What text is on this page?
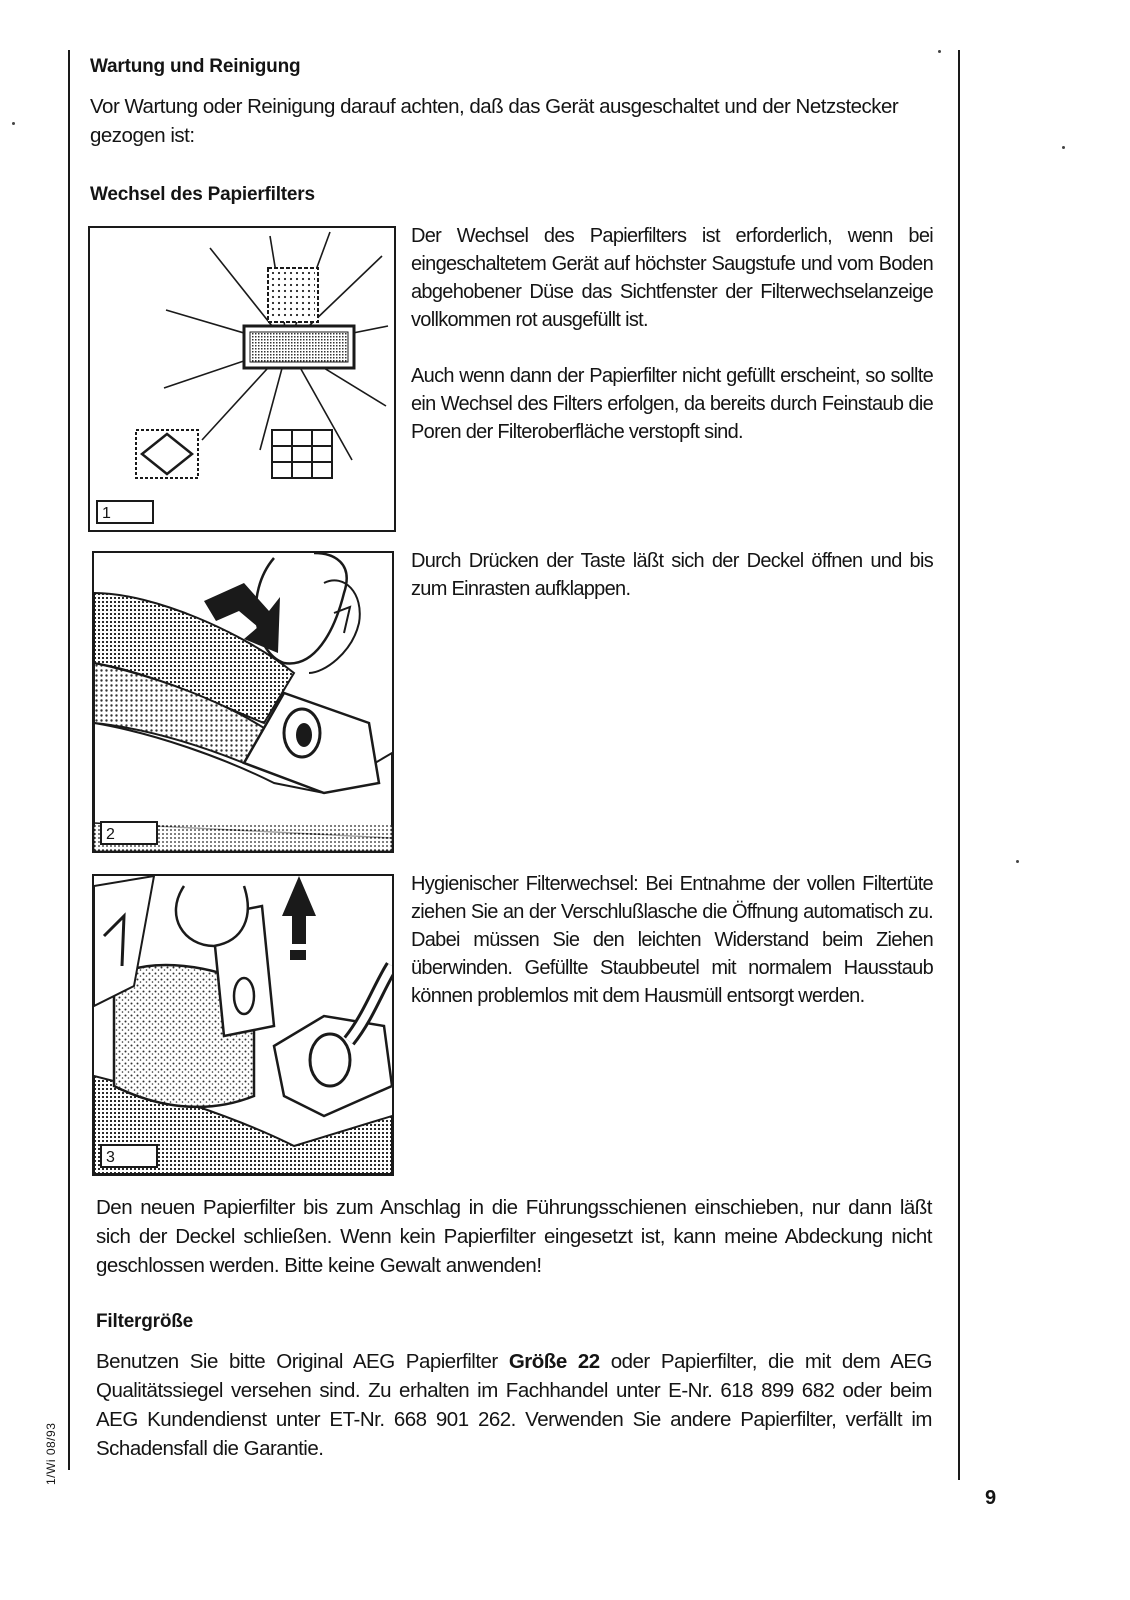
Wartung und Reinigung

Vor Wartung oder Reinigung darauf achten, daß das Gerät ausgeschaltet und der Netzstecker gezogen ist:

Wechsel des Papierfilters
1

Der Wechsel des Papierfilters ist erforderlich, wenn bei eingeschaltetem Gerät auf höchster Saugstufe und vom Boden abgehobener Düse das Sichtfenster der Filterwechselanzeige vollkommen rot ausgefüllt ist.

Auch wenn dann der Papierfilter nicht gefüllt erscheint, so sollte ein Wechsel des Filters erfolgen, da bereits durch Feinstaub die Poren der Filteroberfläche verstopft sind.

2

Durch Drücken der Taste läßt sich der Deckel öffnen und bis zum Einrasten aufklappen.

3

Hygienischer Filterwechsel: Bei Entnahme der vollen Filtertüte ziehen Sie an der Verschlußlasche die Öffnung automatisch zu. Dabei müssen Sie den leichten Widerstand beim Ziehen überwinden. Gefüllte Staubbeutel mit normalem Hausstaub können problemlos mit dem Hausmüll entsorgt werden.

Den neuen Papierfilter bis zum Anschlag in die Führungsschienen einschieben, nur dann läßt sich der Deckel schließen. Wenn kein Papierfilter eingesetzt ist, kann meine Abdeckung nicht geschlossen werden. Bitte keine Gewalt anwenden!

Filtergröße

Benutzen Sie bitte Original AEG Papierfilter Größe 22 oder Papierfilter, die mit dem AEG Qualitätssiegel versehen sind. Zu erhalten im Fachhandel unter E-Nr. 618 899 682 oder beim AEG Kundendienst unter ET-Nr. 668 901 262. Verwenden Sie andere Papierfilter, verfällt im Schadensfall die Garantie.

9
1/Wi 08/93
